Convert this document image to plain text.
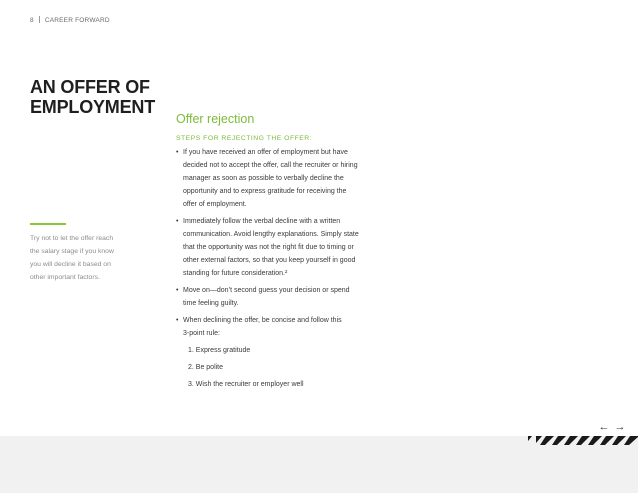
8 CAREER FORWARD
AN OFFER OF
EMPLOYMENT
Try not to let the offer reach
the salary stage if you know
you will decline it based on
other important factors.
Offer rejection
STEPS FOR REJECTING THE OFFER:
• If you have received an offer of employment but have
decided not to accept the offer, call the recruiter or hiring
manager as soon as possible to verbally decline the
opportunity and to express gratitude for receiving the
offer of employment.
• Immediately follow the verbal decline with a written
communication. Avoid lengthy explanations. Simply state
that the opportunity was not the right fit due to timing or
other external factors, so that you keep yourself in good
standing for future consideration.²
• Move on—don’t second guess your decision or spend
time feeling guilty.
• When declining the offer, be concise and follow this
3-point rule:
1. Express gratitude
2. Be polite
3. Wish the recruiter or employer well
← →
